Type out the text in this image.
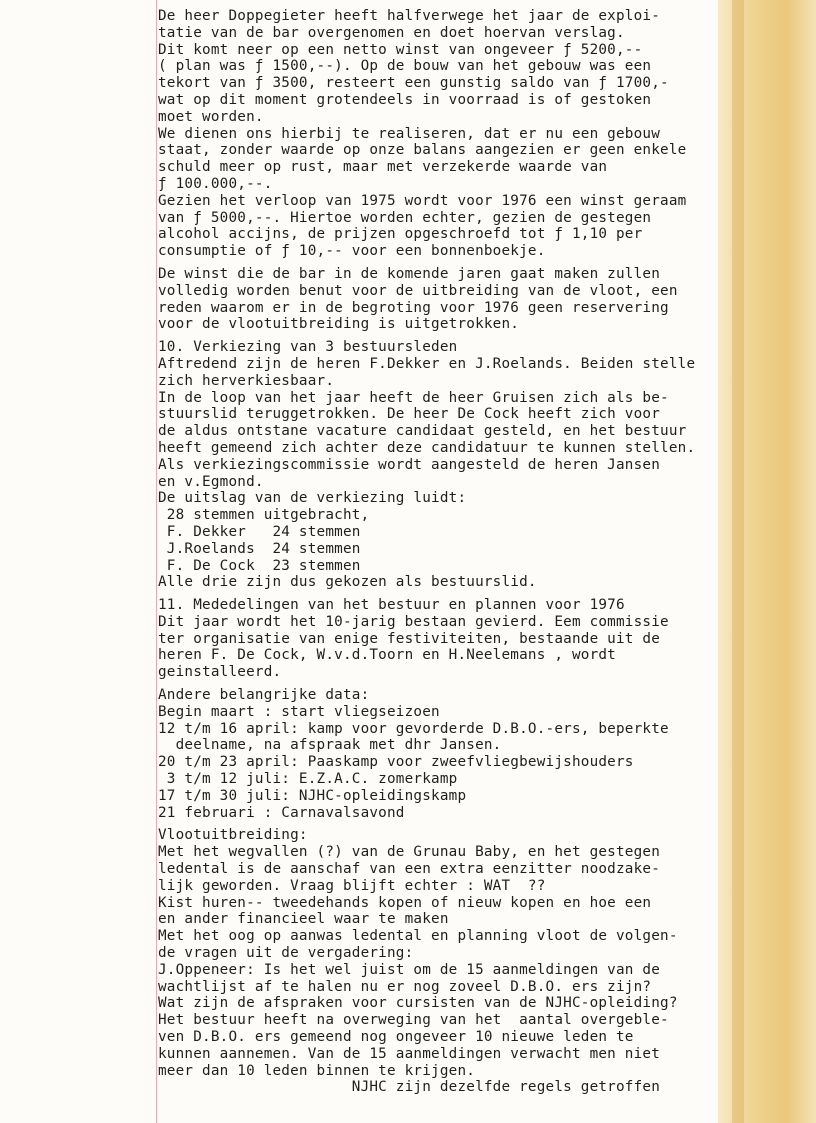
De heer Doppegieter heeft halfverwege het jaar de exploi-
tatie van de bar overgenomen en doet hoervan verslag.
Dit komt neer op een netto winst van ongeveer ƒ 5200,--
( plan was ƒ 1500,--). Op de bouw van het gebouw was een
tekort van ƒ 3500, resteert een gunstig saldo van ƒ 1700,-
wat op dit moment grotendeels in voorraad is of gestoken
moet worden.
We dienen ons hierbij te realiseren, dat er nu een gebouw
staat, zonder waarde op onze balans aangezien er geen enkele
schuld meer op rust, maar met verzekerde waarde van
ƒ 100.000,--.
Gezien het verloop van 1975 wordt voor 1976 een winst geraam
van ƒ 5000,--. Hiertoe worden echter, gezien de gestegen
alcohol accijns, de prijzen opgeschroefd tot ƒ 1,10 per
consumptie of ƒ 10,-- voor een bonnenboekje.
De winst die de bar in de komende jaren gaat maken zullen
volledig worden benut voor de uitbreiding van de vloot, een
reden waarom er in de begroting voor 1976 geen reservering
voor de vlootuitbreiding is uitgetrokken.
10. Verkiezing van 3 bestuursleden
Aftredend zijn de heren F.Dekker en J.Roelands. Beiden stelle
zich herverkiesbaar.
In de loop van het jaar heeft de heer Gruisen zich als be-
stuurslid teruggetrokken. De heer De Cock heeft zich voor
de aldus ontstane vacature candidaat gesteld, en het bestuur
heeft gemeend zich achter deze candidatuur te kunnen stellen.
Als verkiezingscommissie wordt aangesteld de heren Jansen
en v.Egmond.
De uitslag van de verkiezing luidt:
28 stemmen uitgebracht,
F. Dekker   24 stemmen
J.Roelands  24 stemmen
F. De Cock  23 stemmen
Alle drie zijn dus gekozen als bestuurslid.
11. Mededelingen van het bestuur en plannen voor 1976
Dit jaar wordt het 10-jarig bestaan gevierd. Eem commissie
ter organisatie van enige festiviteiten, bestaande uit de
heren F. De Cock, W.v.d.Toorn en H.Neelemans , wordt
geinstalleerd.
Andere belangrijke data:
Begin maart : start vliegseizoen
12 t/m 16 april: kamp voor gevorderde D.B.O.-ers, beperkte
deelname, na afspraak met dhr Jansen.
20 t/m 23 april: Paaskamp voor zweefvliegbewijshouders
3 t/m 12 juli: E.Z.A.C. zomerkamp
17 t/m 30 juli: NJHC-opleidingskamp
21 februari : Carnavalsavond
Vlootuitbreiding:
Met het wegvallen (?) van de Grunau Baby, en het gestegen
ledental is de aanschaf van een extra eenzitter noodzake-
lijk geworden. Vraag blijft echter : WAT  ??
Kist huren-- tweedehands kopen of nieuw kopen en hoe een
en ander financieel waar te maken
Met het oog op aanwas ledental en planning vloot de volgen-
de vragen uit de vergadering:
J.Oppeneer: Is het wel juist om de 15 aanmeldingen van de
wachtlijst af te halen nu er nog zoveel D.B.O. ers zijn?
Wat zijn de afspraken voor cursisten van de NJHC-opleiding?
Het bestuur heeft na overweging van het  aantal overgeble-
ven D.B.O. ers gemeend nog ongeveer 10 nieuwe leden te
kunnen aannemen. Van de 15 aanmeldingen verwacht men niet
meer dan 10 leden binnen te krijgen.
NJHC zijn dezelfde regels getroffen
